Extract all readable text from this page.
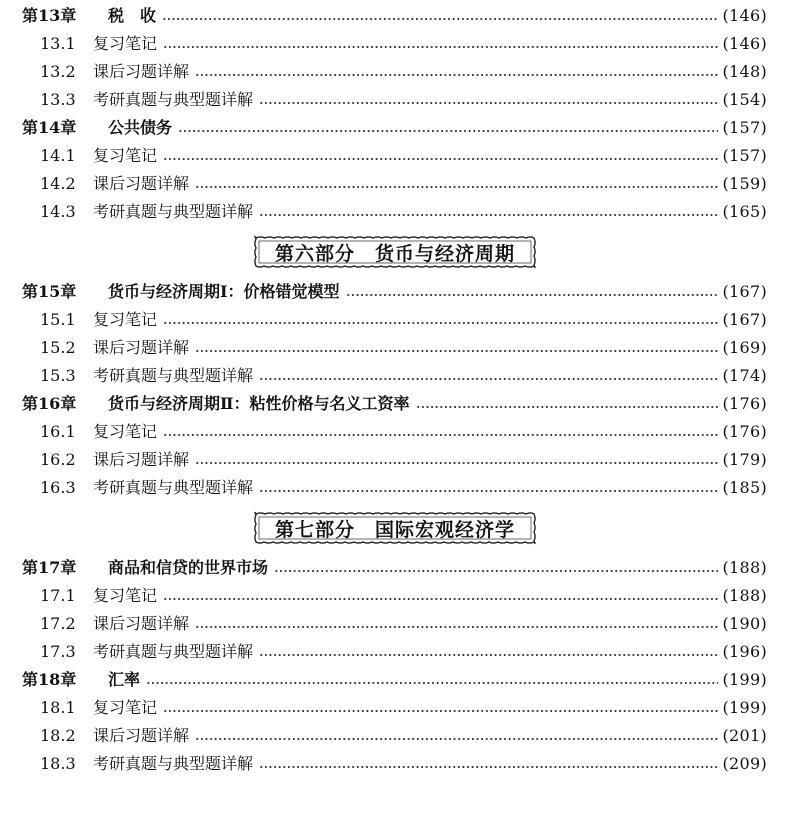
第13章	税　收	(146)
13.1	复习笔记	(146)
13.2	课后习题详解	(148)
13.3	考研真题与典型题详解	(154)
第14章	公共债务	(157)
14.1	复习笔记	(157)
14.2	课后习题详解	(159)
14.3	考研真题与典型题详解	(165)
第六部分　货币与经济周期
第15章	货币与经济周期Ⅰ：价格错觉模型	(167)
15.1	复习笔记	(167)
15.2	课后习题详解	(169)
15.3	考研真题与典型题详解	(174)
第16章	货币与经济周期Ⅱ：粘性价格与名义工资率	(176)
16.1	复习笔记	(176)
16.2	课后习题详解	(179)
16.3	考研真题与典型题详解	(185)
第七部分　国际宏观经济学
第17章	商品和信贷的世界市场	(188)
17.1	复习笔记	(188)
17.2	课后习题详解	(190)
17.3	考研真题与典型题详解	(196)
第18章	汇率	(199)
18.1	复习笔记	(199)
18.2	课后习题详解	(201)
18.3	考研真题与典型题详解	(209)
